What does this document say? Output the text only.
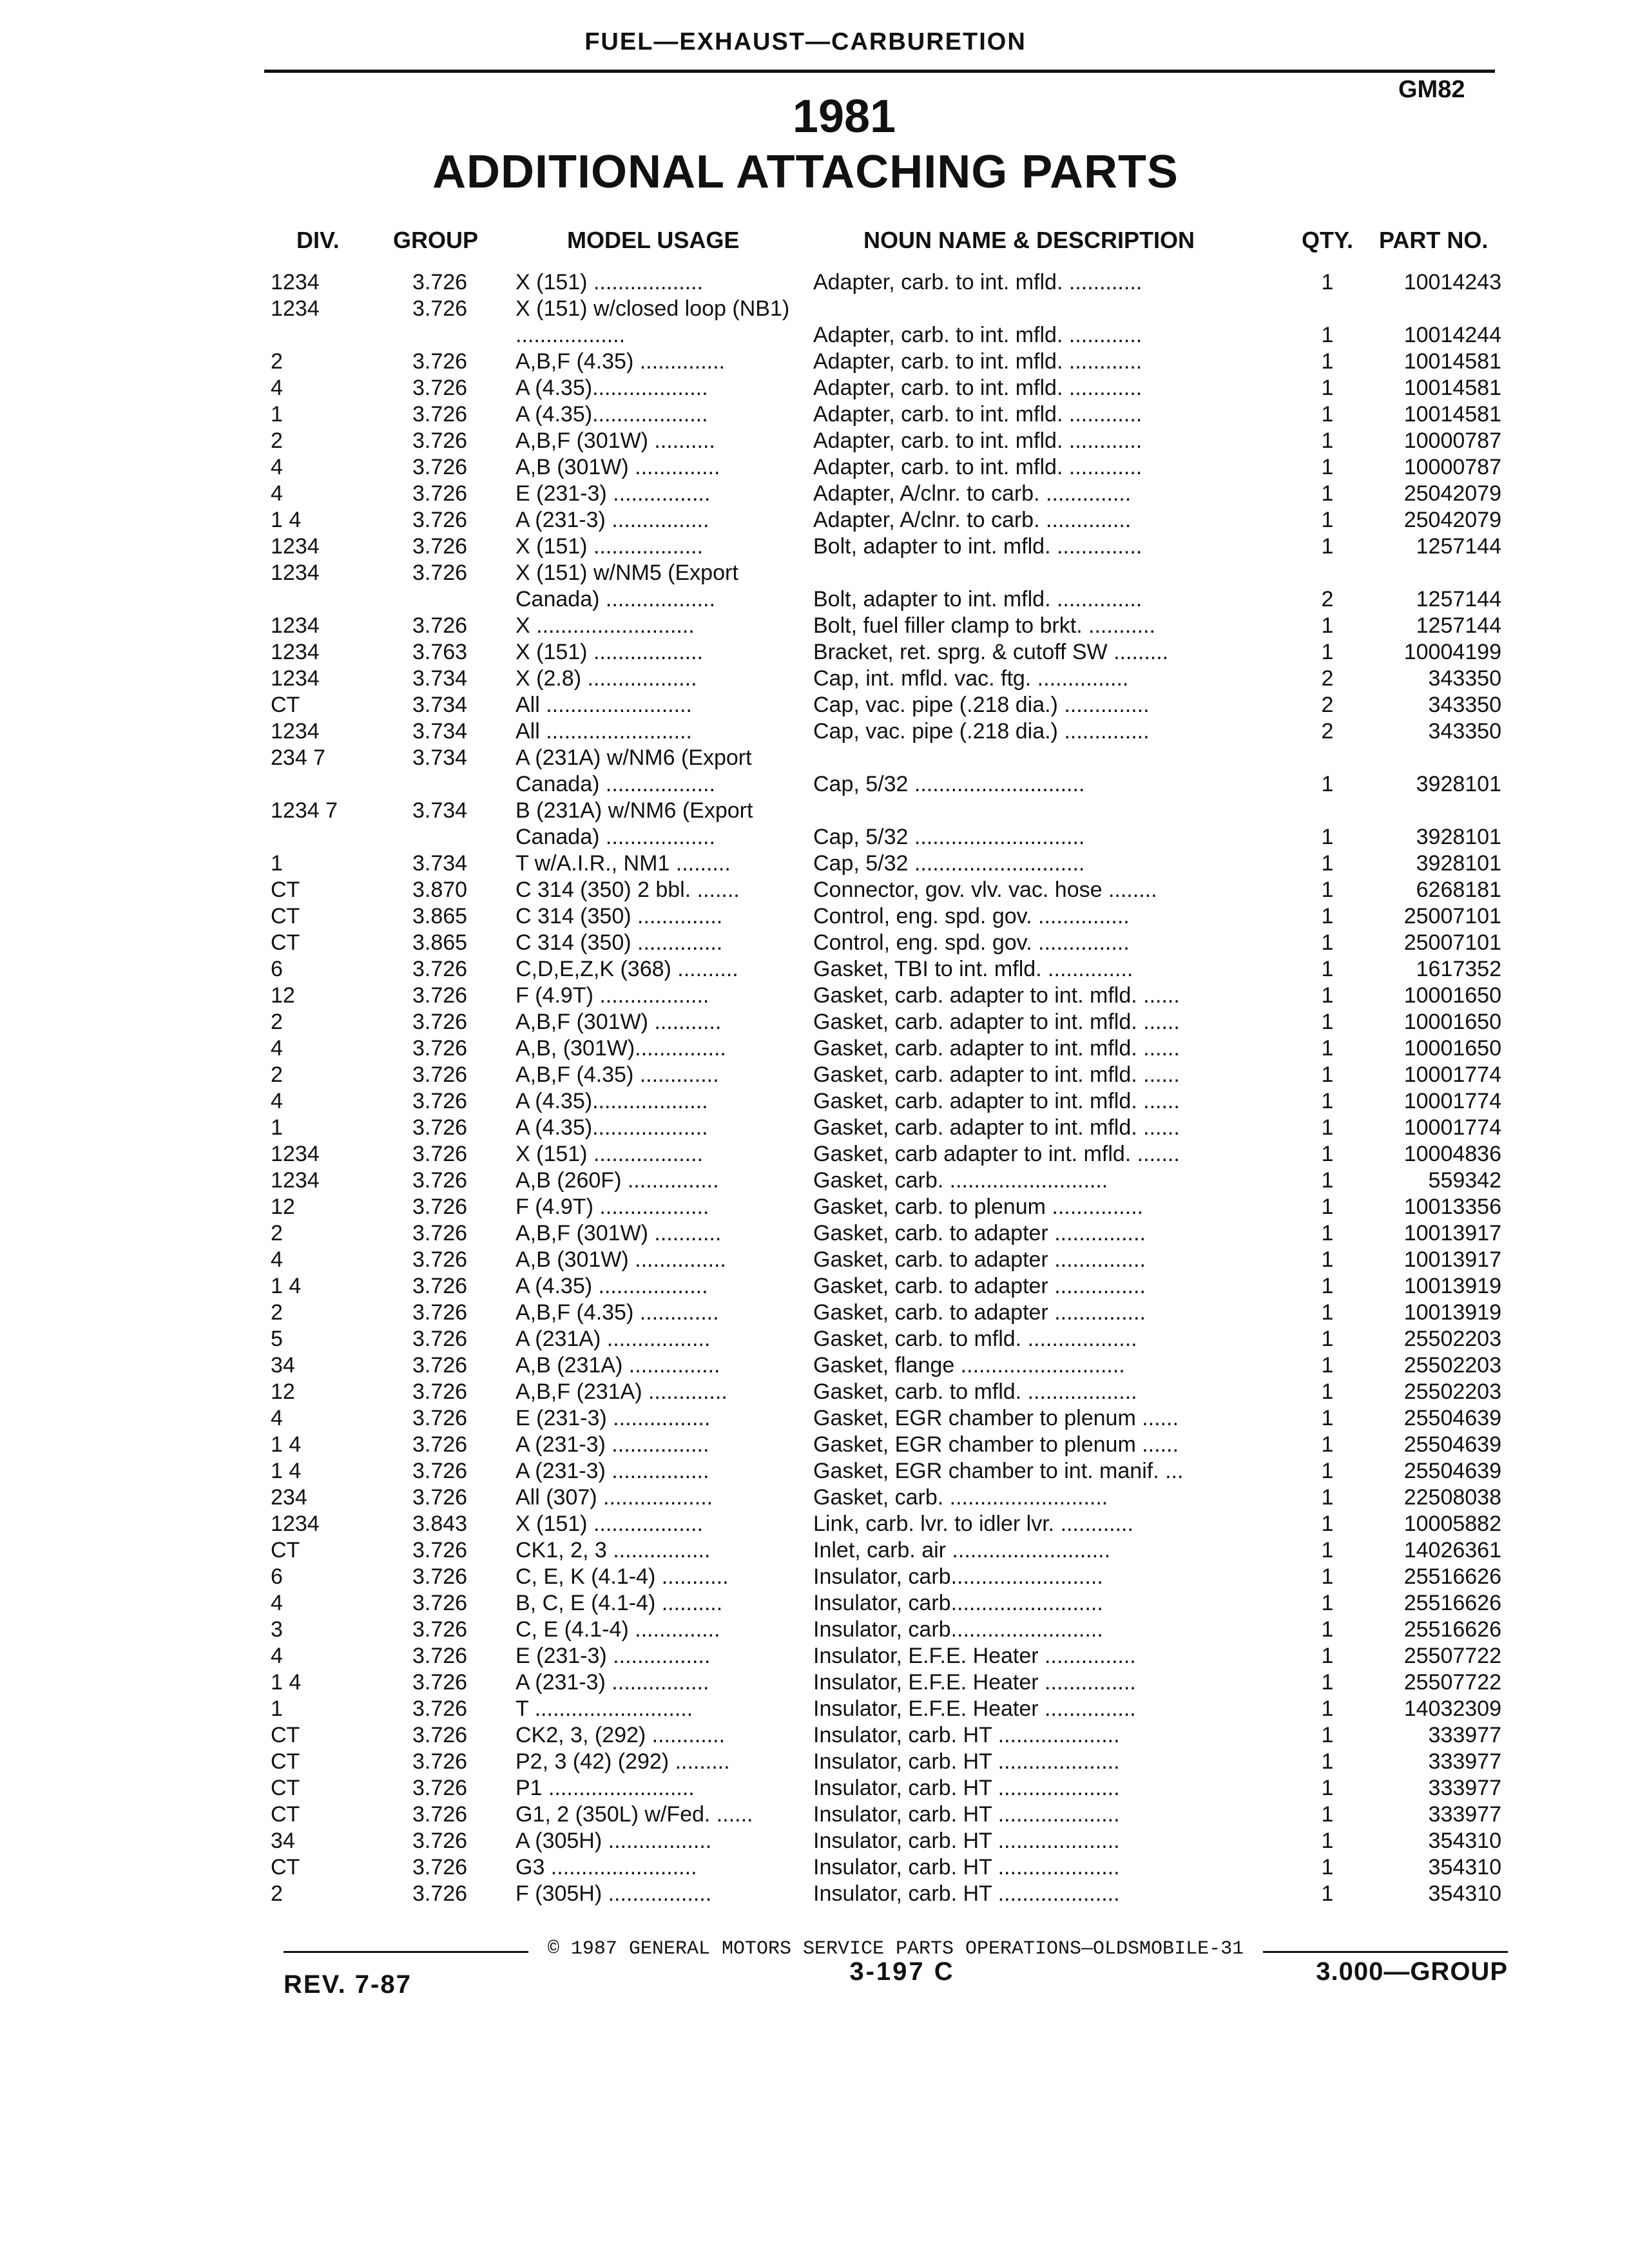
FUEL—EXHAUST—CARBURETION
GM82
1981
ADDITIONAL ATTACHING PARTS
DIV. GROUP	MODEL USAGE	NOUN NAME & DESCRIPTION	QTY. PART NO.
1234	3.726	X (151) ..................	Adapter, carb. to int. mfld. ............	1	10014243
1234	3.726	X (151) w/closed loop (NB1) ..................	Adapter, carb. to int. mfld. ............	1	10014244
2	3.726	A,B,F (4.35) ..............	Adapter, carb. to int. mfld. ............	1	10014581
4	3.726	A (4.35)...................	Adapter, carb. to int. mfld. ............	1	10014581
1	3.726	A (4.35)...................	Adapter, carb. to int. mfld. ............	1	10014581
2	3.726	A,B,F (301W) ..........	Adapter, carb. to int. mfld. ............	1	10000787
4	3.726	A,B (301W) ..............	Adapter, carb. to int. mfld. ............	1	10000787
4	3.726	E (231-3) ................	Adapter, A/clnr. to carb. ..............	1	25042079
1 4	3.726	A (231-3) ................	Adapter, A/clnr. to carb. ..............	1	25042079
1234	3.726	X (151) ..................	Bolt, adapter to int. mfld. ..............	1	1257144
1234	3.726	X (151) w/NM5 (Export Canada) ..................	Bolt, adapter to int. mfld. ..............	2	1257144
1234	3.726	X ..........................	Bolt, fuel filler clamp to brkt. ...........	1	1257144
1234	3.763	X (151) ..................	Bracket, ret. sprg. & cutoff SW .........	1	10004199
1234	3.734	X (2.8) ..................	Cap, int. mfld. vac. ftg. ...............	2	343350
CT	3.734	All ........................	Cap, vac. pipe (.218 dia.) ..............	2	343350
1234	3.734	All ........................	Cap, vac. pipe (.218 dia.) ..............	2	343350
234 7	3.734	A (231A) w/NM6 (Export Canada) ..................	Cap, 5/32 ............................	1	3928101
1234 7	3.734	B (231A) w/NM6 (Export Canada) ..................	Cap, 5/32 ............................	1	3928101
1	3.734	T w/A.I.R., NM1 .........	Cap, 5/32 ............................	1	3928101
CT	3.870	C 314 (350) 2 bbl. .......	Connector, gov. vlv. vac. hose ........	1	6268181
CT	3.865	C 314 (350) ..............	Control, eng. spd. gov. ...............	1	25007101
CT	3.865	C 314 (350) ..............	Control, eng. spd. gov. ...............	1	25007101
6	3.726	C,D,E,Z,K (368) ..........	Gasket, TBI to int. mfld. ..............	1	1617352
12	3.726	F (4.9T) ..................	Gasket, carb. adapter to int. mfld. ......	1	10001650
2	3.726	A,B,F (301W) ...........	Gasket, carb. adapter to int. mfld. ......	1	10001650
4	3.726	A,B, (301W)...............	Gasket, carb. adapter to int. mfld. ......	1	10001650
2	3.726	A,B,F (4.35) .............	Gasket, carb. adapter to int. mfld. ......	1	10001774
4	3.726	A (4.35)...................	Gasket, carb. adapter to int. mfld. ......	1	10001774
1	3.726	A (4.35)...................	Gasket, carb. adapter to int. mfld. ......	1	10001774
1234	3.726	X (151) ..................	Gasket, carb adapter to int. mfld. .......	1	10004836
1234	3.726	A,B (260F) ...............	Gasket, carb. ..........................	1	559342
12	3.726	F (4.9T) ..................	Gasket, carb. to plenum ...............	1	10013356
2	3.726	A,B,F (301W) ...........	Gasket, carb. to adapter ...............	1	10013917
4	3.726	A,B (301W) ...............	Gasket, carb. to adapter ...............	1	10013917
1 4	3.726	A (4.35) ..................	Gasket, carb. to adapter ...............	1	10013919
2	3.726	A,B,F (4.35) .............	Gasket, carb. to adapter ...............	1	10013919
5	3.726	A (231A) .................	Gasket, carb. to mfld. ..................	1	25502203
34	3.726	A,B (231A) ...............	Gasket, flange ...........................	1	25502203
12	3.726	A,B,F (231A) .............	Gasket, carb. to mfld. ..................	1	25502203
4	3.726	E (231-3) ................	Gasket, EGR chamber to plenum ......	1	25504639
1 4	3.726	A (231-3) ................	Gasket, EGR chamber to plenum ......	1	25504639
1 4	3.726	A (231-3) ................	Gasket, EGR chamber to int. manif. ...	1	25504639
234	3.726	All (307) ..................	Gasket, carb. ..........................	1	22508038
1234	3.843	X (151) ..................	Link, carb. lvr. to idler lvr. ............	1	10005882
CT	3.726	CK1, 2, 3 ................	Inlet, carb. air ..........................	1	14026361
6	3.726	C, E, K (4.1-4) ...........	Insulator, carb.........................	1	25516626
4	3.726	B, C, E (4.1-4) ..........	Insulator, carb.........................	1	25516626
3	3.726	C, E (4.1-4) ..............	Insulator, carb.........................	1	25516626
4	3.726	E (231-3) ................	Insulator, E.F.E. Heater ...............	1	25507722
1 4	3.726	A (231-3) ................	Insulator, E.F.E. Heater ...............	1	25507722
1	3.726	T ..........................	Insulator, E.F.E. Heater ...............	1	14032309
CT	3.726	CK2, 3, (292) ............	Insulator, carb. HT ....................	1	333977
CT	3.726	P2, 3 (42) (292) .........	Insulator, carb. HT ....................	1	333977
CT	3.726	P1 ........................	Insulator, carb. HT ....................	1	333977
CT	3.726	G1, 2 (350L) w/Fed. ......	Insulator, carb. HT ....................	1	333977
34	3.726	A (305H) .................	Insulator, carb. HT ....................	1	354310
CT	3.726	G3 ........................	Insulator, carb. HT ....................	1	354310
2	3.726	F (305H) .................	Insulator, carb. HT ....................	1	354310
© 1987 GENERAL MOTORS SERVICE PARTS OPERATIONS—OLDSMOBILE-31
REV. 7-87	3-197 C	3.000—GROUP
